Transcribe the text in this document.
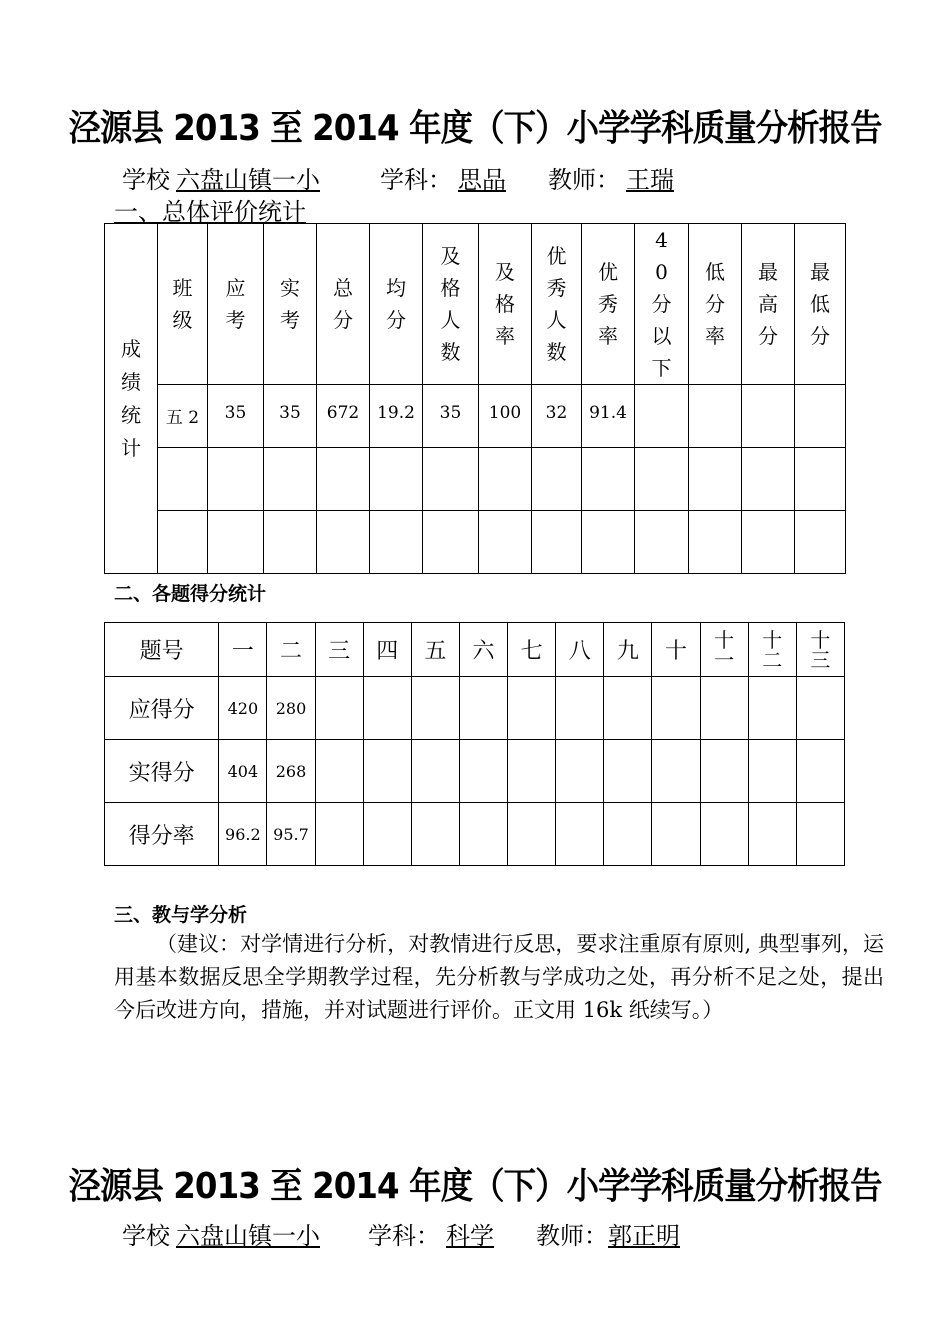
泾源县 2013 至 2014 年度（下）小学学科质量分析报告
学校 六盘山镇一小	学科： 思品 教师： 王瑞
一、总体评价统计
成绩统计	班级	应考	实考	总分	均分	及格人数	及格率	优秀人数	优秀率	40分以下	低分率	最高分	最低分

	五 2	35	35	672	19.2	35	100	32	91.4				

二、各题得分统计
题号	一	二	三	四	五	六	七	八	九	十	十一	十二	十三

应得分	420	280											
实得分	404	268											
得分率	96.2	95.7											
三、教与学分析
（建议：对学情进行分析，对教情进行反思，要求注重原有原则, 典型事列，运用基本数据反思全学期教学过程，先分析教与学成功之处，再分析不足之处，提出今后改进方向，措施，并对试题进行评价。正文用 16k 纸续写。）
泾源县 2013 至 2014 年度（下）小学学科质量分析报告
学校 六盘山镇一小 学科： 科学 教师：郭正明
